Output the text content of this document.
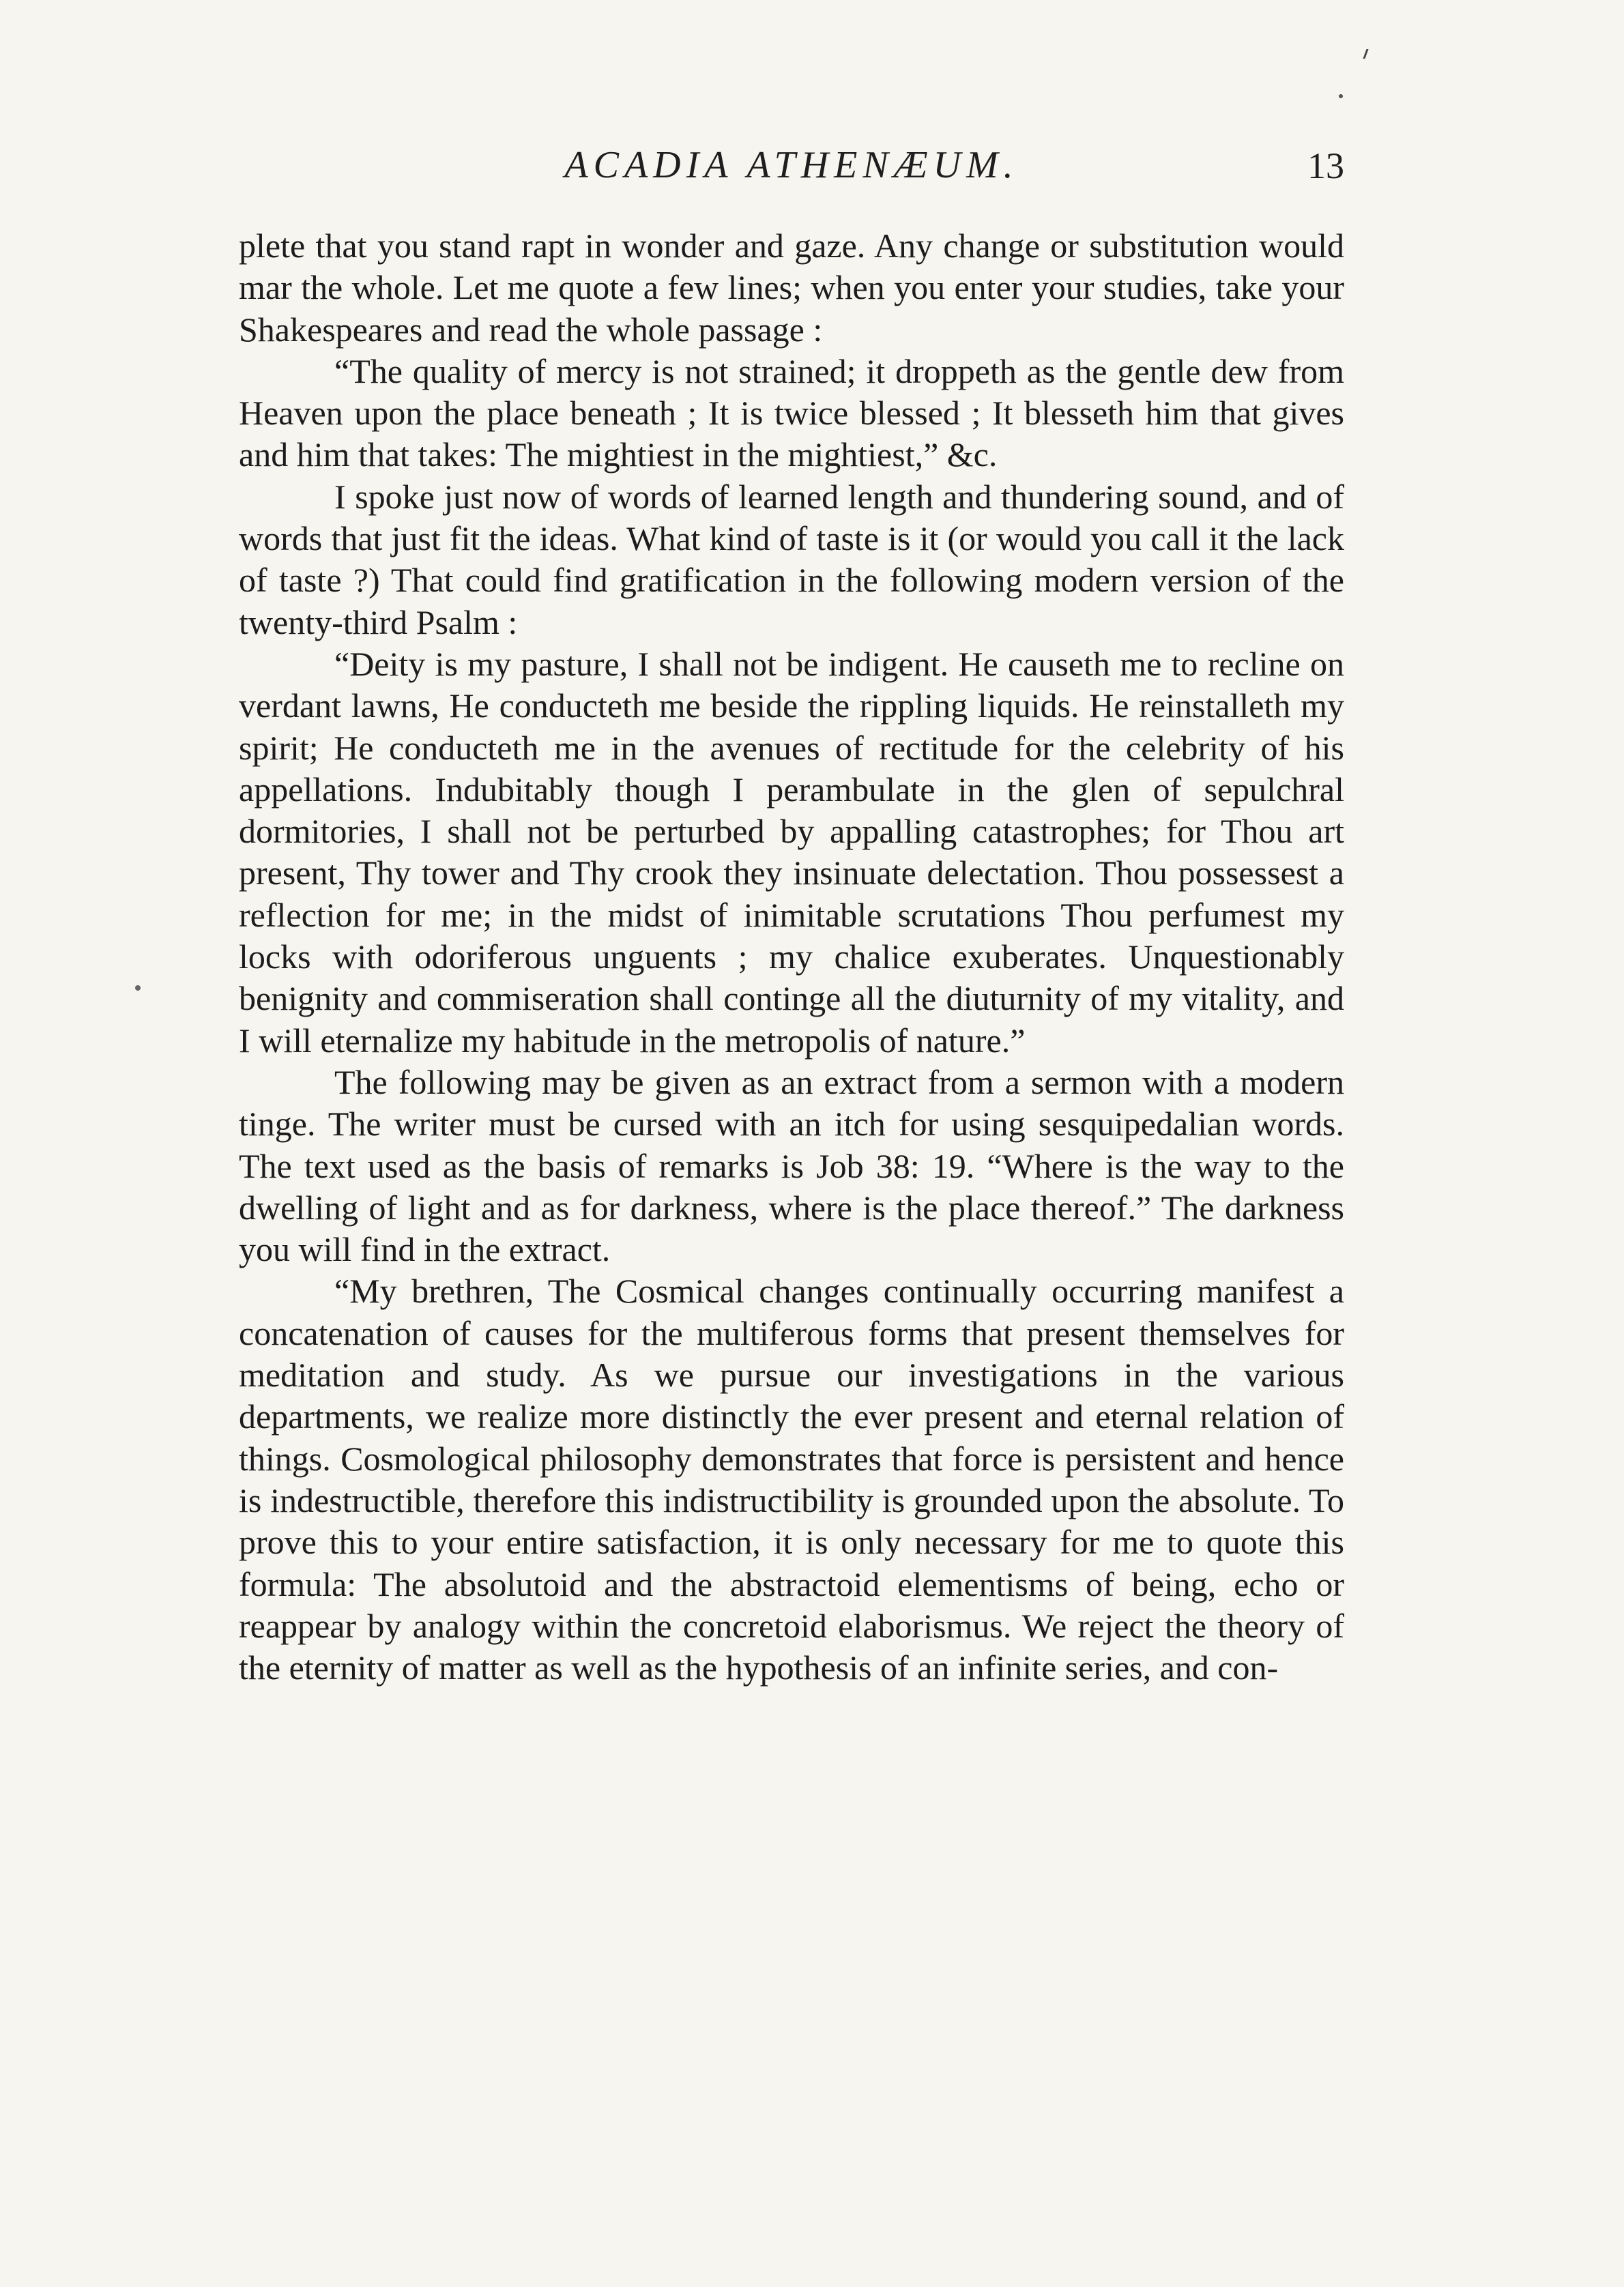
ACADIA ATHENÆUM.	13

plete that you stand rapt in wonder and gaze. Any change or substitution would mar the whole. Let me quote a few lines; when you enter your studies, take your Shakespeares and read the whole passage :

“The quality of mercy is not strained; it droppeth as the gentle dew from Heaven upon the place beneath ; It is twice blessed ; It blesseth him that gives and him that takes: The mightiest in the mightiest,” &c.

I spoke just now of words of learned length and thundering sound, and of words that just fit the ideas. What kind of taste is it (or would you call it the lack of taste ?) That could find gratification in the following modern version of the twenty-third Psalm :

“Deity is my pasture, I shall not be indigent. He causeth me to recline on verdant lawns, He conducteth me beside the rippling liquids. He reinstalleth my spirit; He conducteth me in the avenues of rectitude for the celebrity of his appellations. Indubitably though I perambulate in the glen of sepulchral dormitories, I shall not be perturbed by appalling catastrophes; for Thou art present, Thy tower and Thy crook they insinuate delectation. Thou possessest a reflection for me; in the midst of inimitable scrutations Thou perfumest my locks with odoriferous unguents ; my chalice exuberates. Unquestionably benignity and commiseration shall continge all the diuturnity of my vitality, and I will eternalize my habitude in the metropolis of nature.”

The following may be given as an extract from a sermon with a modern tinge. The writer must be cursed with an itch for using sesquipedalian words. The text used as the basis of remarks is Job 38: 19. “Where is the way to the dwelling of light and as for darkness, where is the place thereof.” The darkness you will find in the extract.

“My brethren, The Cosmical changes continually occurring manifest a concatenation of causes for the multiferous forms that present themselves for meditation and study. As we pursue our investigations in the various departments, we realize more distinctly the ever present and eternal relation of things. Cosmological philosophy demonstrates that force is persistent and hence is indestructible, therefore this indistructibility is grounded upon the absolute. To prove this to your entire satisfaction, it is only necessary for me to quote this formula: The absolutoid and the abstractoid elementisms of being, echo or reappear by analogy within the concretoid elaborismus. We reject the theory of the eternity of matter as well as the hypothesis of an infinite series, and con-
